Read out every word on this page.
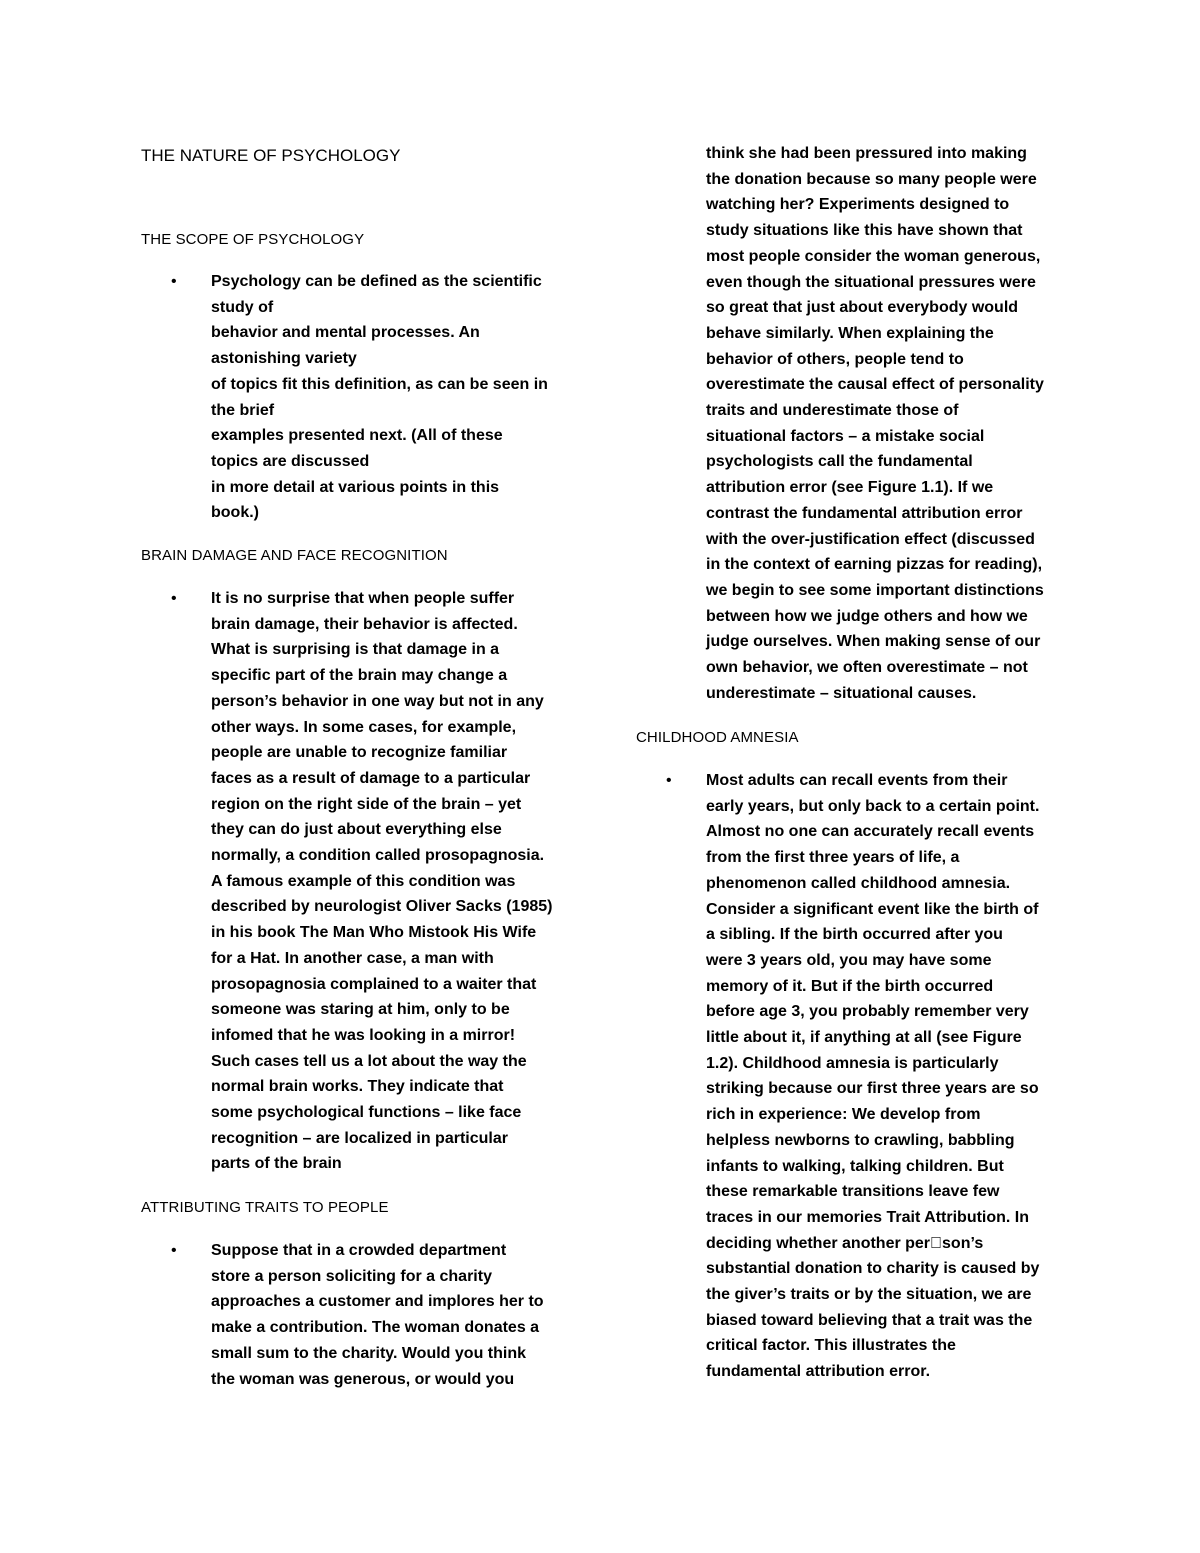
THE NATURE OF PSYCHOLOGY
THE SCOPE OF PSYCHOLOGY
• Psychology can be defined as the scientific
study of
behavior and mental processes. An
astonishing variety
of topics fit this definition, as can be seen in
the brief
examples presented next. (All of these
topics are discussed
in more detail at various points in this
book.)
BRAIN DAMAGE AND FACE RECOGNITION
• It is no surprise that when people suffer
brain damage, their behavior is affected.
What is surprising is that damage in a
specific part of the brain may change a
person’s behavior in one way but not in any
other ways. In some cases, for example,
people are unable to recognize familiar
faces as a result of damage to a particular
region on the right side of the brain – yet
they can do just about everything else
normally, a condition called prosopagnosia.
A famous example of this condition was
described by neurologist Oliver Sacks (1985)
in his book The Man Who Mistook His Wife
for a Hat. In another case, a man with
prosopagnosia complained to a waiter that
someone was staring at him, only to be
infomed that he was looking in a mirror!
Such cases tell us a lot about the way the
normal brain works. They indicate that
some psychological functions – like face
recognition – are localized in particular
parts of the brain
ATTRIBUTING TRAITS TO PEOPLE
• Suppose that in a crowded department
store a person soliciting for a charity
approaches a customer and implores her to
make a contribution. The woman donates a
small sum to the charity. Would you think
the woman was generous, or would you
think she had been pressured into making
the donation because so many people were
watching her? Experiments designed to
study situations like this have shown that
most people consider the woman generous,
even though the situational pressures were
so great that just about everybody would
behave similarly. When explaining the
behavior of others, people tend to
overestimate the causal effect of personality
traits and underestimate those of
situational factors – a mistake social
psychologists call the fundamental
attribution error (see Figure 1.1). If we
contrast the fundamental attribution error
with the over-justification effect (discussed
in the context of earning pizzas for reading),
we begin to see some important distinctions
between how we judge others and how we
judge ourselves. When making sense of our
own behavior, we often overestimate – not
underestimate – situational causes.
CHILDHOOD AMNESIA
• Most adults can recall events from their
early years, but only back to a certain point.
Almost no one can accurately recall events
from the first three years of life, a
phenomenon called childhood amnesia.
Consider a significant event like the birth of
a sibling. If the birth occurred after you
were 3 years old, you may have some
memory of it. But if the birth occurred
before age 3, you probably remember very
little about it, if anything at all (see Figure
1.2). Childhood amnesia is particularly
striking because our first three years are so
rich in experience: We develop from
helpless newborns to crawling, babbling
infants to walking, talking children. But
these remarkable transitions leave few
traces in our memories Trait Attribution. In
deciding whether another per son’s
substantial donation to charity is caused by
the giver’s traits or by the situation, we are
biased toward believing that a trait was the
critical factor. This illustrates the
fundamental attribution error.
